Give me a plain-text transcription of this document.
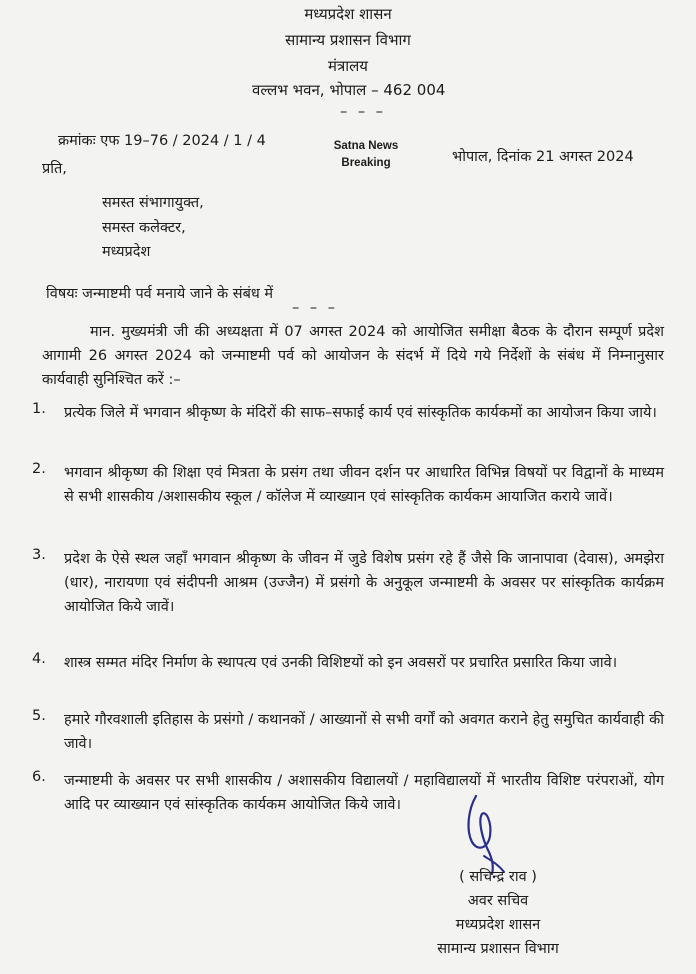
मध्यप्रदेश शासन
सामान्य प्रशासन विभाग
मंत्रालय
वल्लभ भवन, भोपाल – 462 004
– – –
क्रमांकः एफ 19–76 / 2024 / 1 / 4	Satna News
Breaking	भोपाल, दिनांक 21 अगस्त 2024
प्रति,
समस्त संभागायुक्त,
समस्त कलेक्टर,
मध्यप्रदेश
विषयः जन्माष्टमी पर्व मनाये जाने के संबंध में
– – –
मान. मुख्यमंत्री जी की अध्यक्षता में 07 अगस्त 2024 को आयोजित समीक्षा बैठक के दौरान सम्पूर्ण प्रदेश आगामी 26 अगस्त 2024 को जन्माष्टमी पर्व को आयोजन के संदर्भ में दिये गये निर्देशों के संबंध में निम्नानुसार कार्यवाही सुनिश्चित करें :–
1. प्रत्येक जिले में भगवान श्रीकृष्ण के मंदिरों की साफ–सफाई कार्य एवं सांस्कृतिक कार्यकमों का आयोजन किया जाये।
2. भगवान श्रीकृष्ण की शिक्षा एवं मित्रता के प्रसंग तथा जीवन दर्शन पर आधारित विभिन्न विषयों पर विद्वानों के माध्यम से सभी शासकीय /अशासकीय स्कूल / कॉलेज में व्याख्यान एवं सांस्कृतिक कार्यकम आयाजित कराये जावें।
3. प्रदेश के ऐसे स्थल जहाँ भगवान श्रीकृष्ण के जीवन में जुडे विशेष प्रसंग रहे हैं जैसे कि जानापावा (देवास), अमझेरा (धार), नारायणा एवं संदीपनी आश्रम (उज्जैन) में प्रसंगो के अनुकूल जन्माष्टमी के अवसर पर सांस्कृतिक कार्यक्रम आयोजित किये जावें।
4. शास्त्र सम्मत मंदिर निर्माण के स्थापत्य एवं उनकी विशिष्टयों को इन अवसरों पर प्रचारित प्रसारित किया जावे।
5. हमारे गौरवशाली इतिहास के प्रसंगो / कथानकों / आख्यानों से सभी वर्गों को अवगत कराने हेतु समुचित कार्यवाही की जावे।
6. जन्माष्टमी के अवसर पर सभी शासकीय / अशासकीय विद्यालयों / महाविद्यालयों में भारतीय विशिष्ट परंपराओं, योग आदि पर व्याख्यान एवं सांस्कृतिक कार्यकम आयोजित किये जावे।
( सचिन्द्र राव )
अवर सचिव
मध्यप्रदेश शासन
सामान्य प्रशासन विभाग
